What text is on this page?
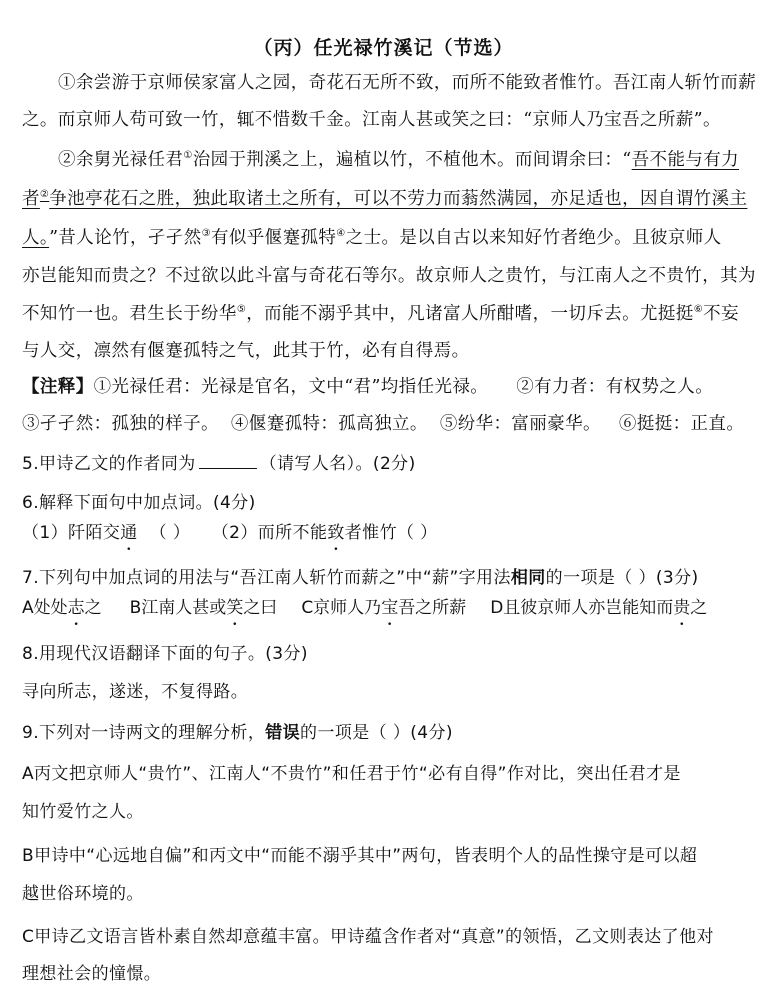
（丙）任光禄竹溪记（节选）
①余尝游于京师侯家富人之园，奇花石无所不致，而所不能致者惟竹。吾江南人斩竹而薪
之。而京师人苟可致一竹，辄不惜数千金。江南人甚或笑之曰：“京师人乃宝吾之所薪”。
②余舅光禄任君①治园于荆溪之上，遍植以竹，不植他木。而间谓余曰：“吾不能与有力
者②争池亭花石之胜，独此取诸土之所有，可以不劳力而蓊然满园，亦足适也，因自谓竹溪主
人。”昔人论竹，孑孑然③有似乎偃蹇孤特④之士。是以自古以来知好竹者绝少。且彼京师人
亦岂能知而贵之？不过欲以此斗富与奇花石等尔。故京师人之贵竹，与江南人之不贵竹，其为
不知竹一也。君生长于纷华⑤，而能不溺乎其中，凡诸富人所酣嗜，一切斥去。尤挺挺⑥不妄
与人交，凛然有偃蹇孤特之气，此其于竹，必有自得焉。
【注释】①光禄任君：光禄是官名，文中“君”均指任光禄。 ②有力者：有权势之人。
③孑孑然：孤独的样子。 ④偃蹇孤特：孤高独立。 ⑤纷华：富丽豪华。 ⑥挺挺：正直。
5.甲诗乙文的作者同为	（请写人名）。(2分)
6.解释下面句中加点词。(4分)
（1）阡陌交通 （ ） （2）而所不能致者惟竹（ ）
7.下列句中加点词的用法与“吾江南人斩竹而薪之”中“薪”字用法相同的一项是（ ）(3分)
A处处志之 B江南人甚或笑之曰 C京师人乃宝吾之所薪 D且彼京师人亦岂能知而贵之
8.用现代汉语翻译下面的句子。(3分)
寻向所志，遂迷，不复得路。
9.下列对一诗两文的理解分析，错误的一项是（ ）(4分)
A丙文把京师人“贵竹”、江南人“不贵竹”和任君于竹“必有自得”作对比，突出任君才是
知竹爱竹之人。
B甲诗中“心远地自偏”和丙文中“而能不溺乎其中”两句，皆表明个人的品性操守是可以超
越世俗环境的。
C甲诗乙文语言皆朴素自然却意蕴丰富。甲诗蕴含作者对“真意”的领悟，乙文则表达了他对
理想社会的憧憬。
